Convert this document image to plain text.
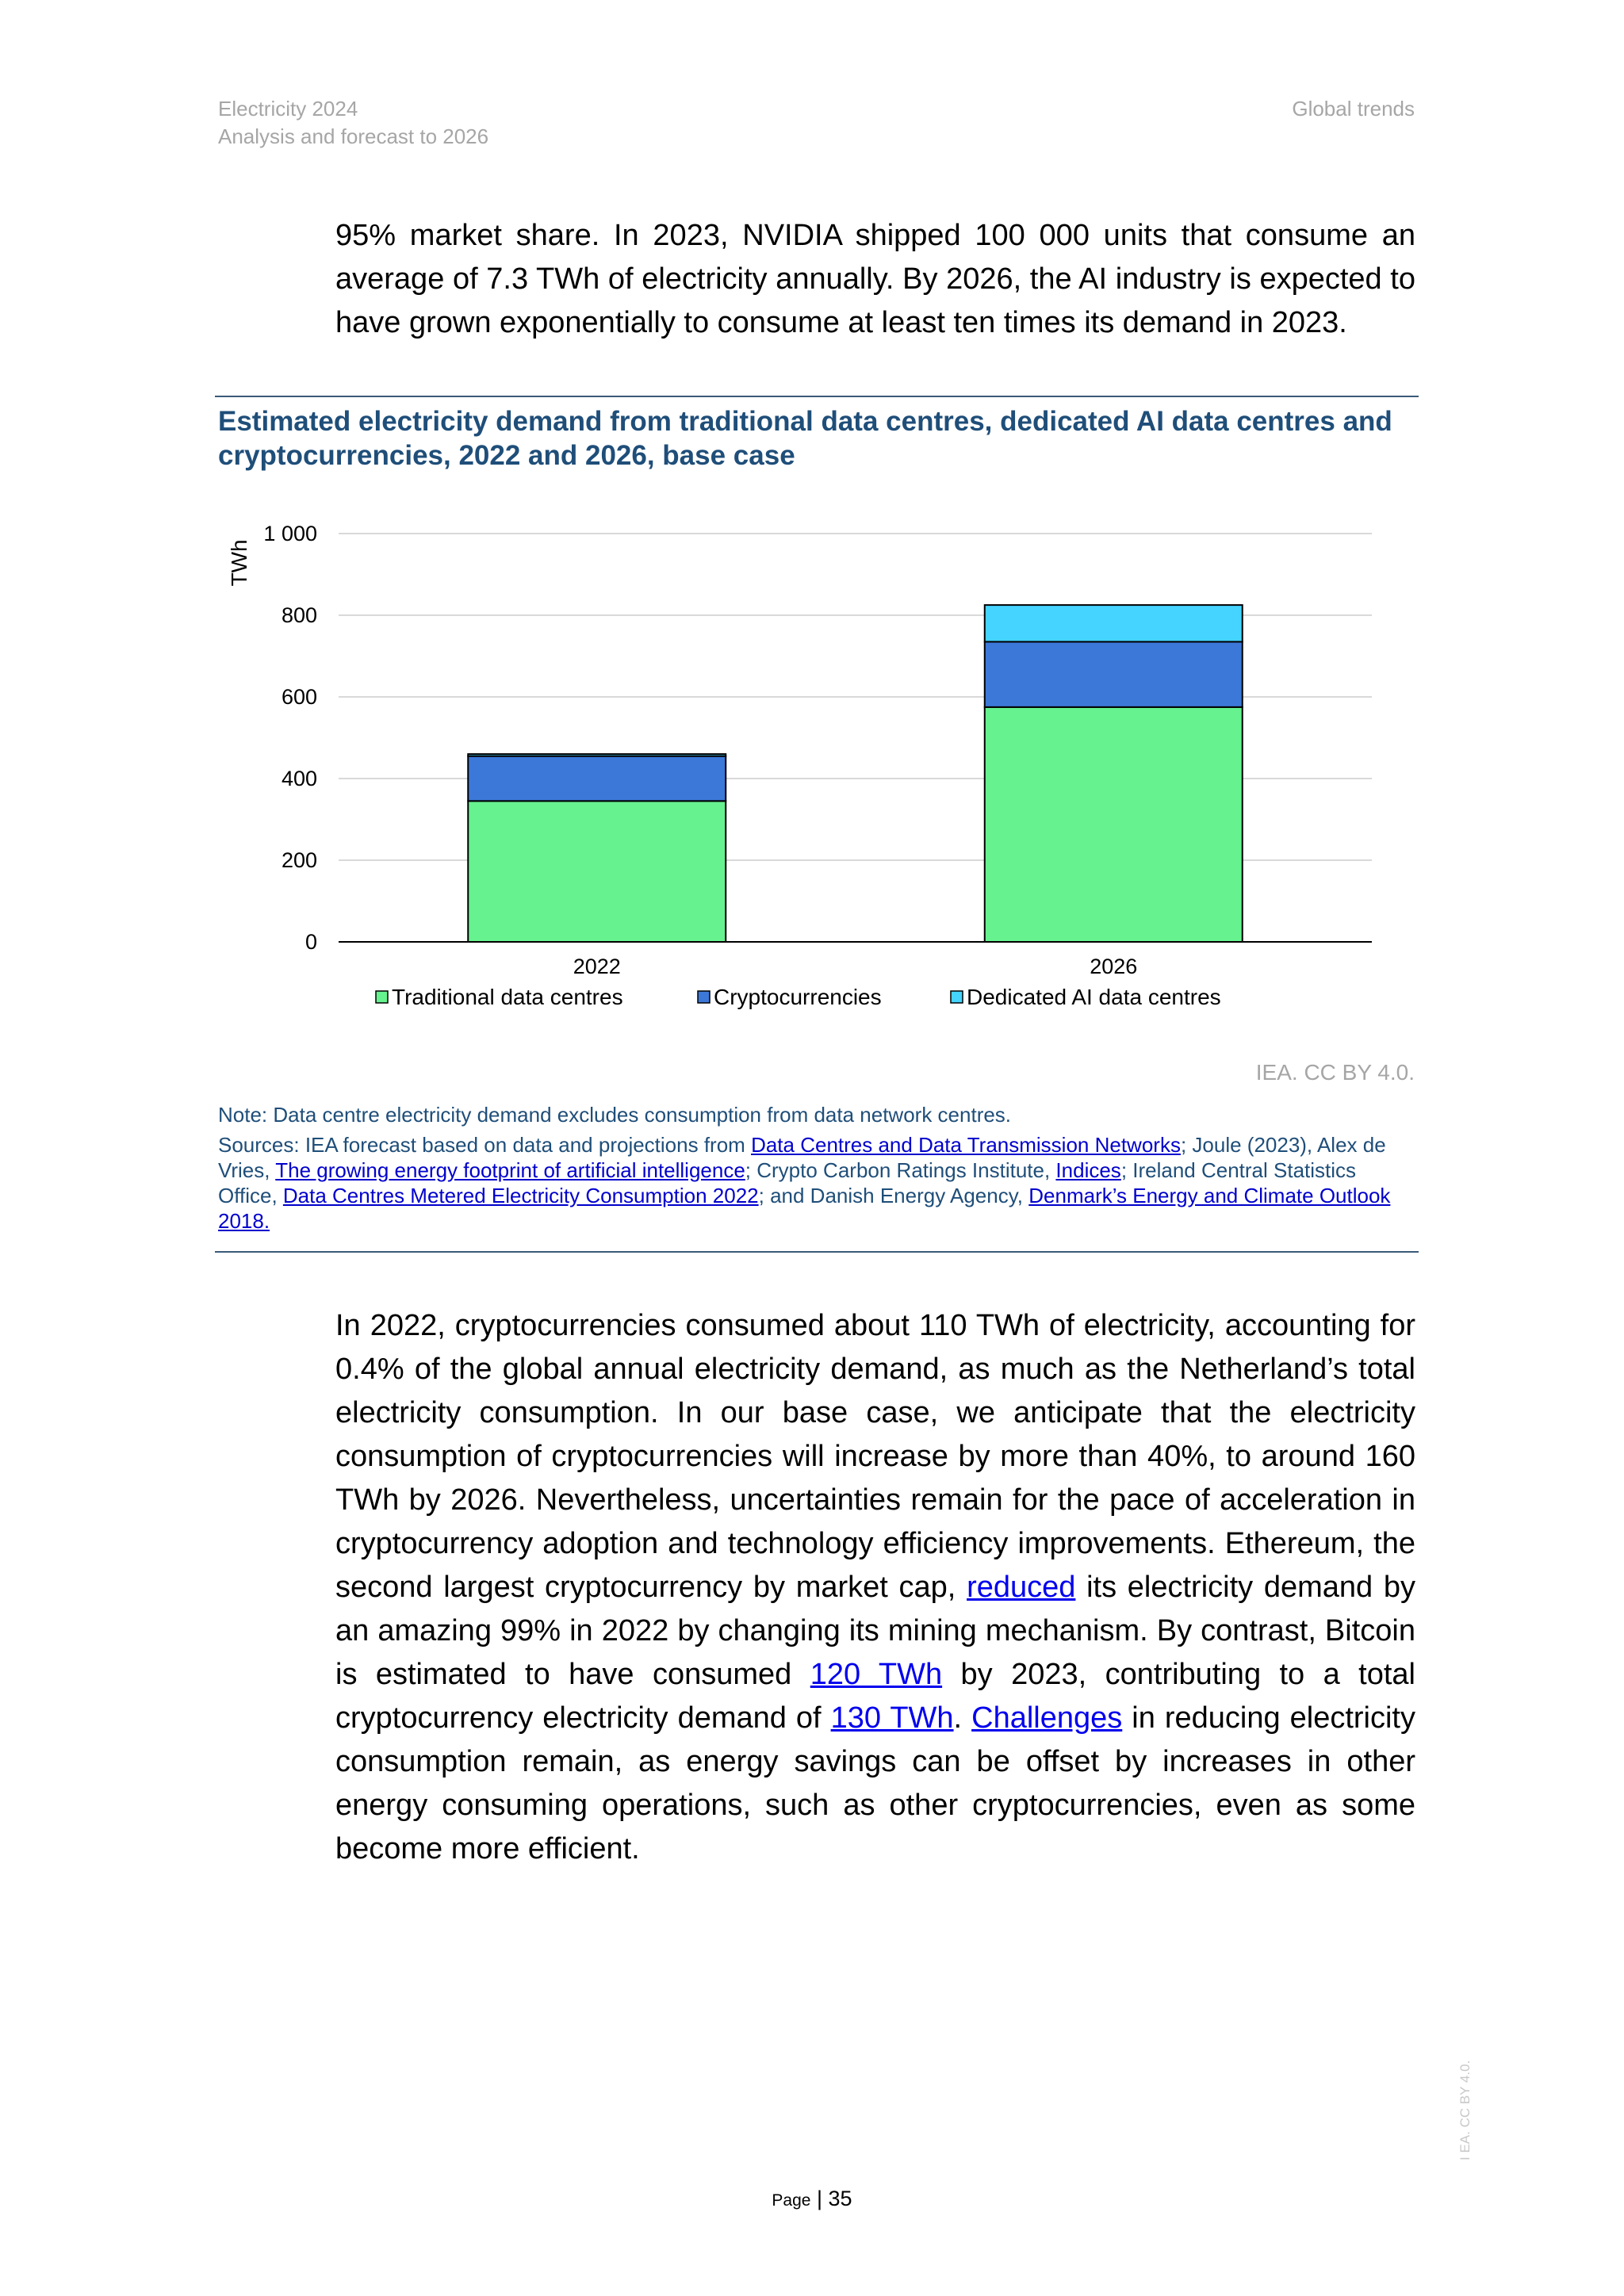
Electricity 2024
Analysis and forecast to 2026
Global trends
95% market share. In 2023, NVIDIA shipped 100 000 units that consume an average of 7.3 TWh of electricity annually. By 2026, the AI industry is expected to have grown exponentially to consume at least ten times its demand in 2023.
Estimated electricity demand from traditional data centres, dedicated AI data centres and cryptocurrencies, 2022 and 2026, base case
0
200
400
600
800
1 000
2022	2026
TWh
Traditional data centres	Cryptocurrencies	Dedicated AI data centres
IEA. CC BY 4.0.
Note: Data centre electricity demand excludes consumption from data network centres.
Sources: IEA forecast based on data and projections from Data Centres and Data Transmission Networks; Joule (2023), Alex de Vries, The growing energy footprint of artificial intelligence; Crypto Carbon Ratings Institute, Indices; Ireland Central Statistics Office, Data Centres Metered Electricity Consumption 2022; and Danish Energy Agency, Denmark’s Energy and Climate Outlook 2018.
In 2022, cryptocurrencies consumed about 110 TWh of electricity, accounting for 0.4% of the global annual electricity demand, as much as the Netherland’s total electricity consumption. In our base case, we anticipate that the electricity consumption of cryptocurrencies will increase by more than 40%, to around 160 TWh by 2026. Nevertheless, uncertainties remain for the pace of acceleration in cryptocurrency adoption and technology efficiency improvements. Ethereum, the second largest cryptocurrency by market cap, reduced its electricity demand by an amazing 99% in 2022 by changing its mining mechanism. By contrast, Bitcoin is estimated to have consumed 120 TWh by 2023, contributing to a total cryptocurrency electricity demand of 130 TWh. Challenges in reducing electricity consumption remain, as energy savings can be offset by increases in other energy consuming operations, such as other cryptocurrencies, even as some become more efficient.
Page | 35
I EA. CC BY 4.0.
